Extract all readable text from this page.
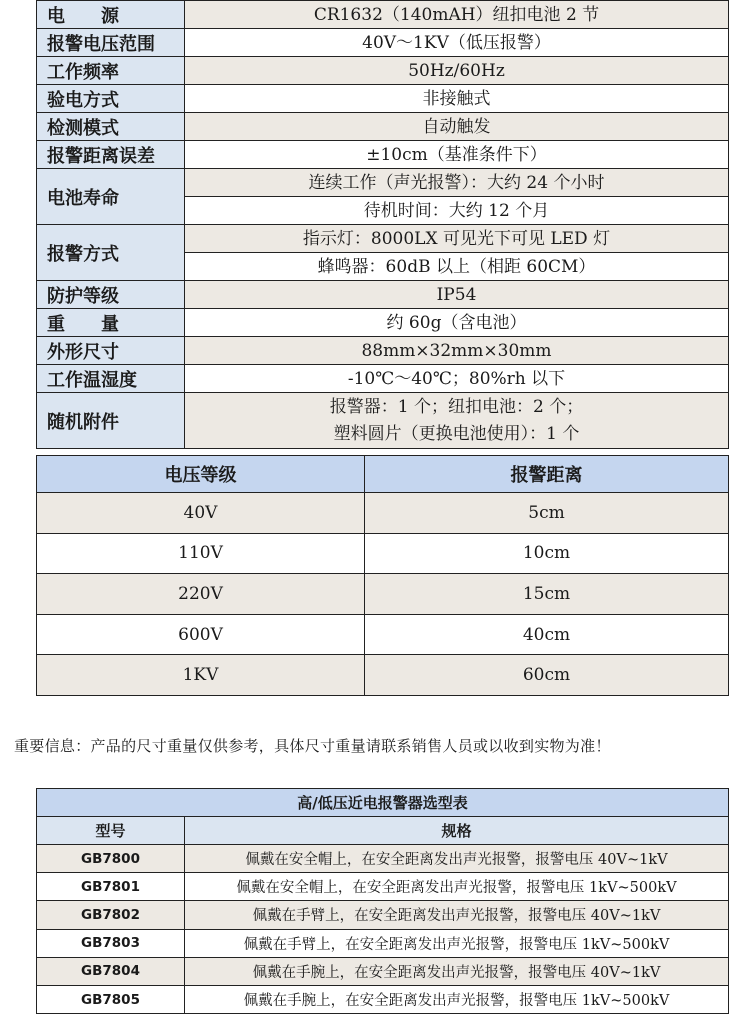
电　　源	CR1632（140mAH）纽扣电池 2 节
报警电压范围	40V～1KV（低压报警）
工作频率	50Hz/60Hz
验电方式	非接触式
检测模式	自动触发
报警距离误差	±10cm（基准条件下）
电池寿命	连续工作（声光报警）：大约 24 个小时
	待机时间：大约 12 个月
报警方式	指示灯：8000LX 可见光下可见 LED 灯
	蜂鸣器：60dB 以上（相距 60CM）
防护等级	IP54
重　　量	约 60g（含电池）
外形尺寸	88mm×32mm×30mm
工作温湿度	-10℃～40℃；80%rh 以下
随机附件	报警器：1 个；纽扣电池：2 个；
塑料圆片（更换电池使用）：1 个
电压等级	报警距离
40V	5cm
110V	10cm
220V	15cm
600V	40cm
1KV	60cm
重要信息：产品的尺寸重量仅供参考，具体尺寸重量请联系销售人员或以收到实物为准！
高/低压近电报警器选型表	
型号	规格
GB7800	佩戴在安全帽上，在安全距离发出声光报警，报警电压 40V~1kV
GB7801	佩戴在安全帽上，在安全距离发出声光报警，报警电压 1kV~500kV
GB7802	佩戴在手臂上，在安全距离发出声光报警，报警电压 40V~1kV
GB7803	佩戴在手臂上，在安全距离发出声光报警，报警电压 1kV~500kV
GB7804	佩戴在手腕上，在安全距离发出声光报警，报警电压 40V~1kV
GB7805	佩戴在手腕上，在安全距离发出声光报警，报警电压 1kV~500kV
